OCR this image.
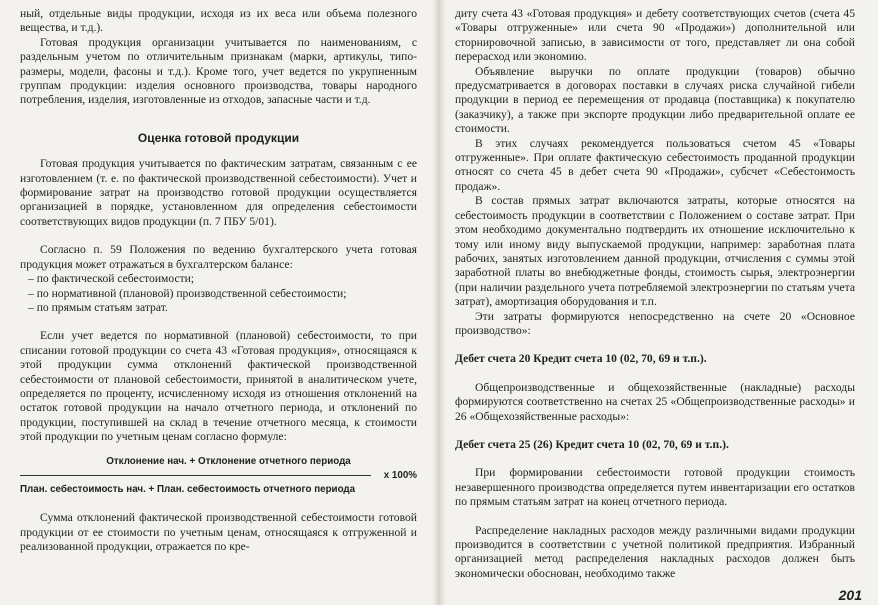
ный, отдельные виды продукции, исходя из их веса или объема полезного вещества, и т.д.).

Готовая продукция организации учитывается по наименованиям, с раздельным учетом по отличительным признакам (марки, артикулы, типо-размеры, модели, фасоны и т.д.). Кроме того, учет ведется по укрупненным группам продукции: изделия основного производства, товары народного потребления, изделия, изготовленные из отходов, запасные части и т.д.

Оценка готовой продукции

Готовая продукция учитывается по фактическим затратам, связанным с ее изготовлением (т. е. по фактической производственной себестоимости). Учет и формирование затрат на производство готовой продукции осуществляется организацией в порядке, установленном для определения себестоимости соответствующих видов продукции (п. 7 ПБУ 5/01).

Согласно п. 59 Положения по ведению бухгалтерского учета готовая продукция может отражаться в бухгалтерском балансе:

– по фактической себестоимости;

– по нормативной (плановой) производственной себестоимости;

– по прямым статьям затрат.

Если учет ведется по нормативной (плановой) себестоимости, то при списании готовой продукции со счета 43 «Готовая продукция», относящаяся к этой продукции сумма отклонений фактической производственной себестоимости от плановой себестоимости, принятой в аналитическом учете, определяется по проценту, исчисленному исходя из отношения отклонений на остаток готовой продукции на начало отчетного периода, и отклонений по продукции, поступившей на склад в течение отчетного месяца, к стоимости этой продукции по учетным ценам согласно формуле:

Отклонение нач. + Отклонение отчетного периода
x 100%
План. себестоимость нач. + План. себестоимость отчетного периода

Сумма отклонений фактической производственной себестоимости готовой продукции от ее стоимости по учетным ценам, относящаяся к отгруженной и реализованной продукции, отражается по кре-

диту счета 43 «Готовая продукция» и дебету соответствующих счетов (счета 45 «Товары отгруженные» или счета 90 «Продажи») дополнительной или сторнировочной записью, в зависимости от того, представляет ли она собой перерасход или экономию.

Объявление выручки по оплате продукции (товаров) обычно предусматривается в договорах поставки в случаях риска случайной гибели продукции в период ее перемещения от продавца (поставщика) к покупателю (заказчику), а также при экспорте продукции либо предварительной оплате ее стоимости.

В этих случаях рекомендуется пользоваться счетом 45 «Товары отгруженные». При оплате фактическую себестоимость проданной продукции относят со счета 45 в дебет счета 90 «Продажи», субсчет «Себестоимость продаж».

В состав прямых затрат включаются затраты, которые относятся на себестоимость продукции в соответствии с Положением о составе затрат. При этом необходимо документально подтвердить их отношение исключительно к тому или иному виду выпускаемой продукции, например: заработная плата рабочих, занятых изготовлением данной продукции, отчисления с суммы этой заработной платы во внебюджетные фонды, стоимость сырья, электроэнергии (при наличии раздельного учета потребляемой электроэнергии по статьям учета затрат), амортизация оборудования и т.п.

Эти затраты формируются непосредственно на счете 20 «Основное производство»:

Дебет счета 20 Кредит счета 10 (02, 70, 69 и т.п.).

Общепроизводственные и общехозяйственные (накладные) расходы формируются соответственно на счетах 25 «Общепроизводственные расходы» и 26 «Общехозяйственные расходы»:

Дебет счета 25 (26) Кредит счета 10 (02, 70, 69 и т.п.).

При формировании себестоимости готовой продукции стоимость незавершенного производства определяется путем инвентаризации его остатков по прямым статьям затрат на конец отчетного периода.

Распределение накладных расходов между различными видами продукции производится в соответствии с учетной политикой предприятия. Избранный организацией метод распределения накладных расходов должен быть экономически обоснован, необходимо также

201
